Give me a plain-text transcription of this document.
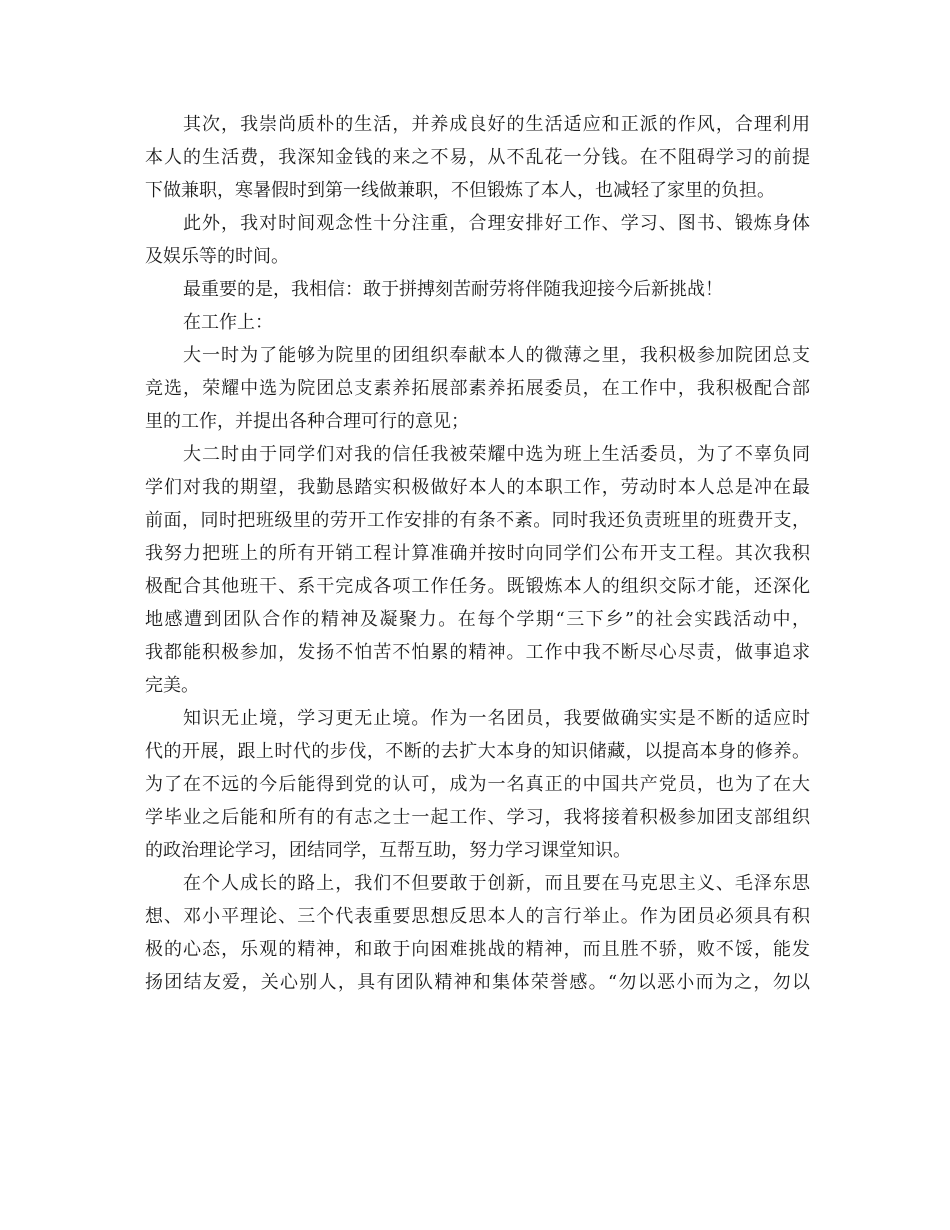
其次，我崇尚质朴的生活，并养成良好的生活适应和正派的作风，合理利用
本人的生活费，我深知金钱的来之不易，从不乱花一分钱。在不阻碍学习的前提
下做兼职，寒暑假时到第一线做兼职，不但锻炼了本人，也减轻了家里的负担。
此外，我对时间观念性十分注重，合理安排好工作、学习、图书、锻炼身体
及娱乐等的时间。
最重要的是，我相信：敢于拼搏刻苦耐劳将伴随我迎接今后新挑战！
在工作上：
大一时为了能够为院里的团组织奉献本人的微薄之里，我积极参加院团总支
竞选，荣耀中选为院团总支素养拓展部素养拓展委员，在工作中，我积极配合部
里的工作，并提出各种合理可行的意见；
大二时由于同学们对我的信任我被荣耀中选为班上生活委员，为了不辜负同
学们对我的期望，我勤恳踏实积极做好本人的本职工作，劳动时本人总是冲在最
前面，同时把班级里的劳开工作安排的有条不紊。同时我还负责班里的班费开支，
我努力把班上的所有开销工程计算准确并按时向同学们公布开支工程。其次我积
极配合其他班干、系干完成各项工作任务。既锻炼本人的组织交际才能，还深化
地感遭到团队合作的精神及凝聚力。在每个学期“三下乡”的社会实践活动中，
我都能积极参加，发扬不怕苦不怕累的精神。工作中我不断尽心尽责，做事追求
完美。
知识无止境，学习更无止境。作为一名团员，我要做确实实是不断的适应时
代的开展，跟上时代的步伐，不断的去扩大本身的知识储藏，以提高本身的修养。
为了在不远的今后能得到党的认可，成为一名真正的中国共产党员，也为了在大
学毕业之后能和所有的有志之士一起工作、学习，我将接着积极参加团支部组织
的政治理论学习，团结同学，互帮互助，努力学习课堂知识。
在个人成长的路上，我们不但要敢于创新，而且要在马克思主义、毛泽东思
想、邓小平理论、三个代表重要思想反思本人的言行举止。作为团员必须具有积
极的心态，乐观的精神，和敢于向困难挑战的精神，而且胜不骄，败不馁，能发
扬团结友爱，关心别人，具有团队精神和集体荣誉感。“勿以恶小而为之，勿以
